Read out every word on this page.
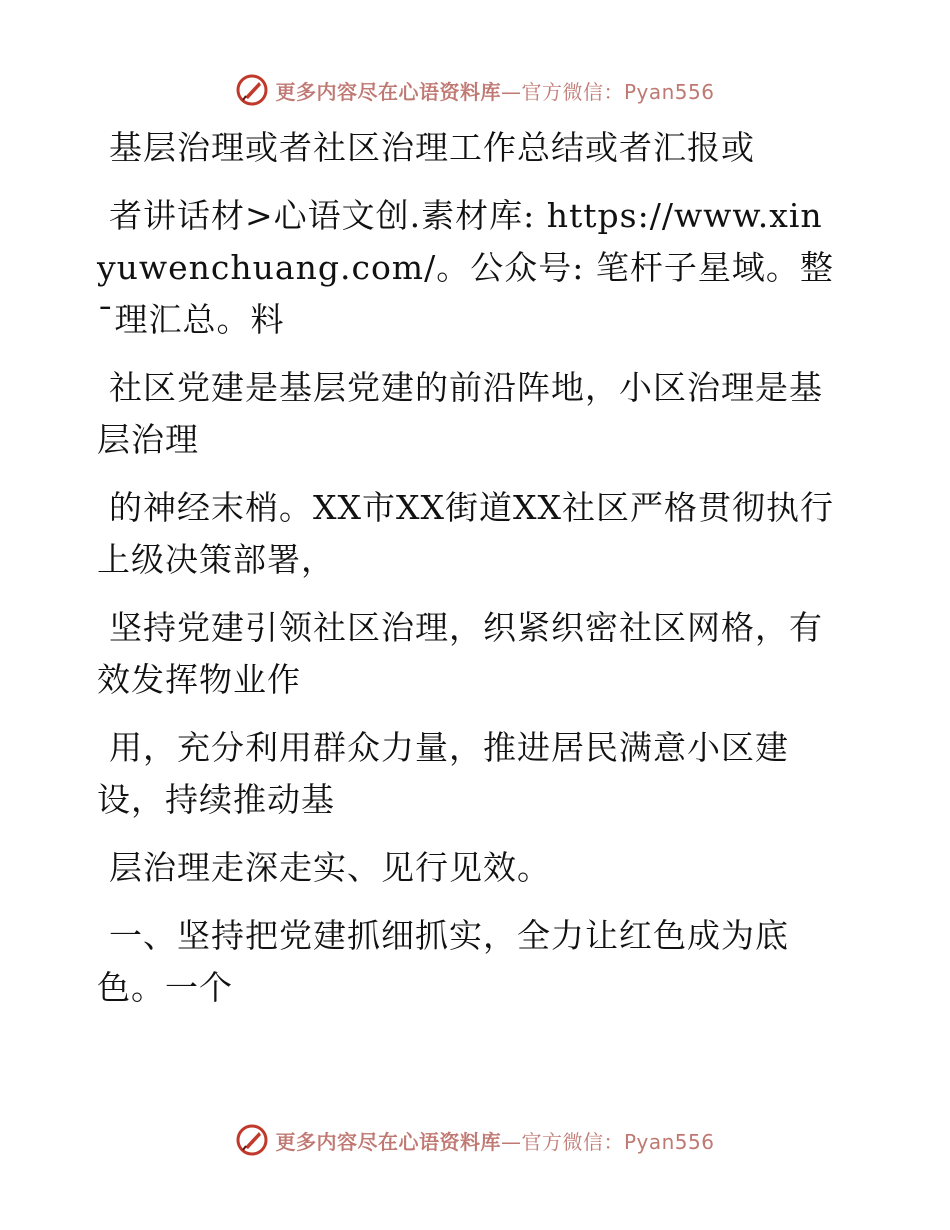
更多内容尽在心语资料库—官方微信：Pyan556

基层治理或者社区治理工作总结或者汇报或

者讲话材>心语文创.素材库: https://www.xinyuwenchuang.com/。公众号: 笔杆子星域。整¯理汇总。料

社区党建是基层党建的前沿阵地，小区治理是基层治理

的神经末梢。XX市XX街道XX社区严格贯彻执行上级决策部署，

坚持党建引领社区治理，织紧织密社区网格，有效发挥物业作

用，充分利用群众力量，推进居民满意小区建设，持续推动基

层治理走深走实、见行见效。

一、坚持把党建抓细抓实，全力让红色成为底色。一个

更多内容尽在心语资料库—官方微信：Pyan556
